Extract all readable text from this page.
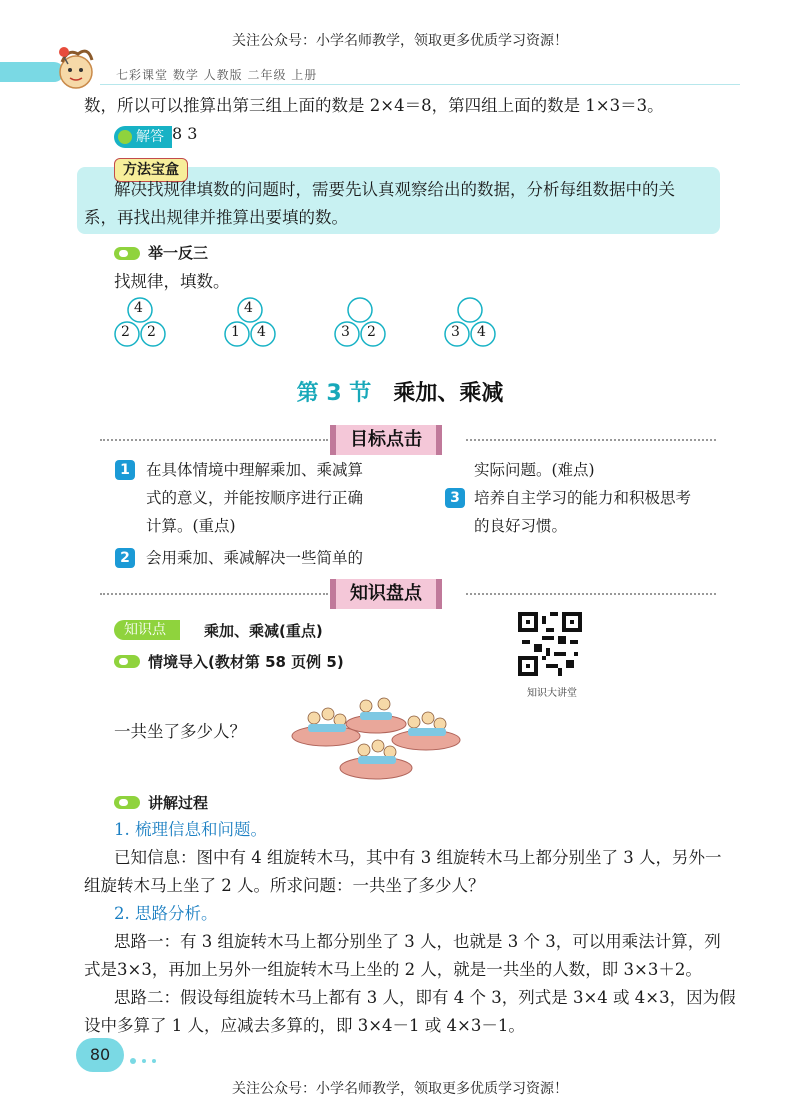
关注公众号：小学名师教学，领取更多优质学习资源！
七彩课堂 数学 人教版 二年级 上册
数，所以可以推算出第三组上面的数是 2×4＝8，第四组上面的数是 1×3＝3。
解答 8 3
方法宝盒
解决找规律填数的问题时，需要先认真观察给出的数据，分析每组数据中的关
系，再找出规律并推算出要填的数。
举一反三
找规律，填数。
4
2 2
4
1 4	3 2	3 4
第 3 节 乘加、乘减
目标点击
1	在具体情境中理解乘加、乘减算
式的意义，并能按顺序进行正确
计算。(重点)
2	会用乘加、乘减解决一些简单的
实际问题。(难点)
3 培养自主学习的能力和积极思考
的良好习惯。
知识盘点
知识点	乘加、乘减(重点)
情境导入(教材第 58 页例 5)
知识大讲堂
一共坐了多少人？
讲解过程
1. 梳理信息和问题。
已知信息：图中有 4 组旋转木马，其中有 3 组旋转木马上都分别坐了 3 人，另外一
组旋转木马上坐了 2 人。所求问题：一共坐了多少人？
2. 思路分析。
思路一：有 3 组旋转木马上都分别坐了 3 人，也就是 3 个 3，可以用乘法计算，列
式是3×3，再加上另外一组旋转木马上坐的 2 人，就是一共坐的人数，即 3×3＋2。
思路二：假设每组旋转木马上都有 3 人，即有 4 个 3，列式是 3×4 或 4×3，因为假
设中多算了 1 人，应减去多算的，即 3×4－1 或 4×3－1。
80
关注公众号：小学名师教学，领取更多优质学习资源！
